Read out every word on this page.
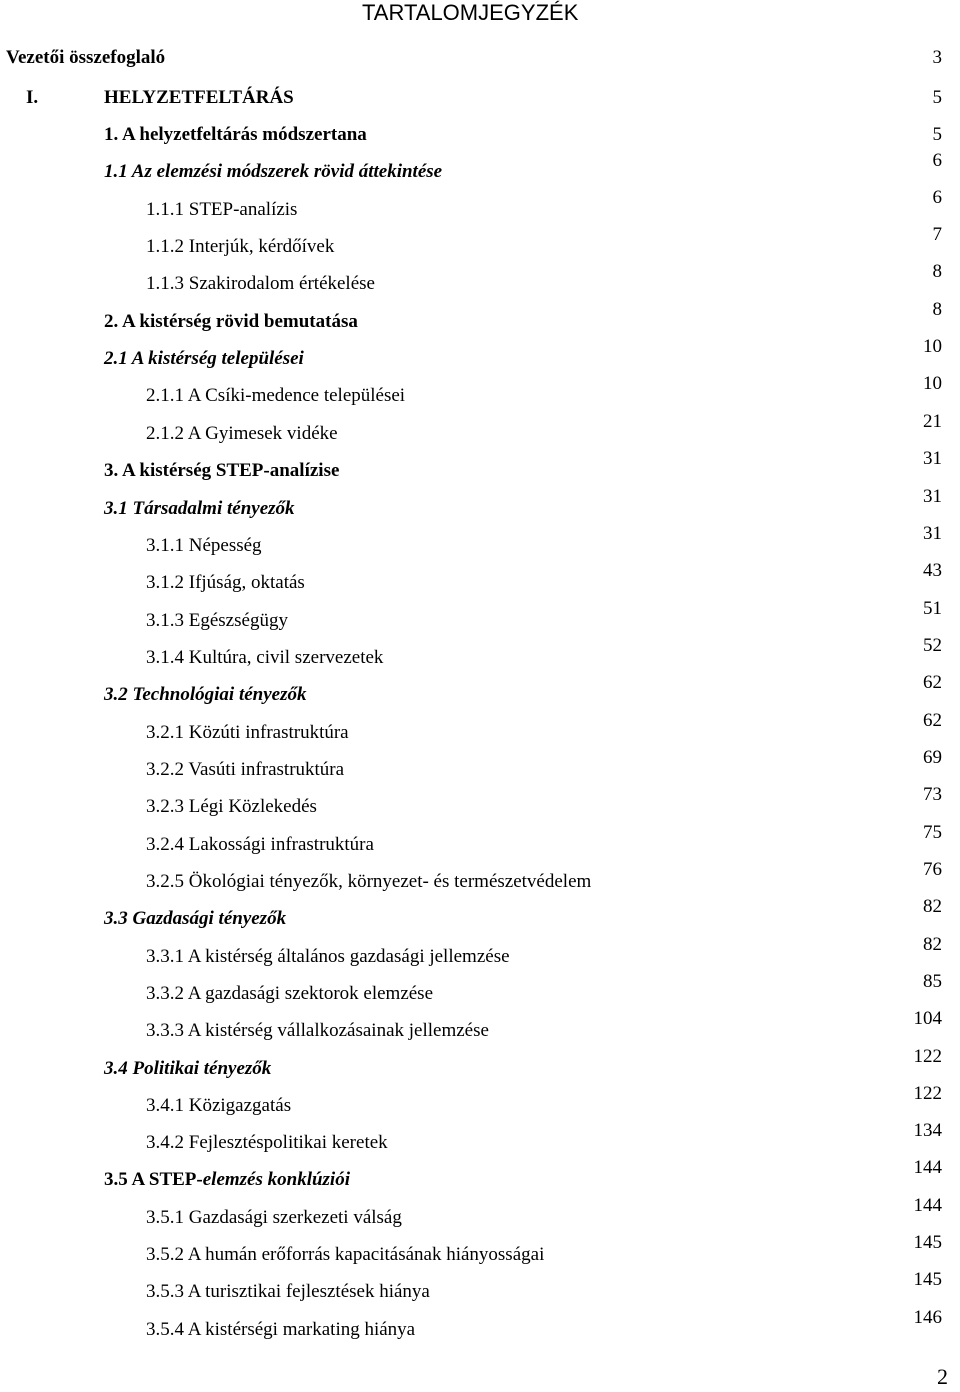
TARTALOMJEGYZÉK
Vezetői összefoglaló
I.	HELYZETFELTÁRÁS
1. A helyzetfeltárás módszertana
1.1 Az elemzési módszerek rövid áttekintése
1.1.1 STEP-analízis
1.1.2 Interjúk, kérdőívek
1.1.3 Szakirodalom értékelése
2. A kistérség rövid bemutatása
2.1 A kistérség települései
2.1.1 A Csíki-medence települései
2.1.2 A Gyimesek vidéke
3. A kistérség STEP-analízise
3.1 Társadalmi tényezők
3.1.1 Népesség
3.1.2 Ifjúság, oktatás
3.1.3 Egészségügy
3.1.4 Kultúra, civil szervezetek
3.2 Technológiai tényezők
3.2.1 Közúti infrastruktúra
3.2.2 Vasúti infrastruktúra
3.2.3 Légi Közlekedés
3.2.4 Lakossági infrastruktúra
3.2.5 Ökológiai tényezők, környezet- és természetvédelem
3.3 Gazdasági tényezők
3.3.1 A kistérség általános gazdasági jellemzése
3.3.2 A gazdasági szektorok elemzése
3.3.3 A kistérség vállalkozásainak jellemzése
3.4 Politikai tényezők
3.4.1 Közigazgatás
3.4.2 Fejlesztéspolitikai keretek
3.5 A STEP-elemzés konklúziói
3.5.1 Gazdasági szerkezeti válság
3.5.2 A humán erőforrás kapacitásának hiányosságai
3.5.3 A turisztikai fejlesztések hiánya
3.5.4 A kistérségi markating hiánya
3
5
5
6
6
7
8
8
10
10
21
31
31
31
43
51
52
62
62
69
73
75
76
82
82
85
104
122
122
134
144
144
145
145
146
2
